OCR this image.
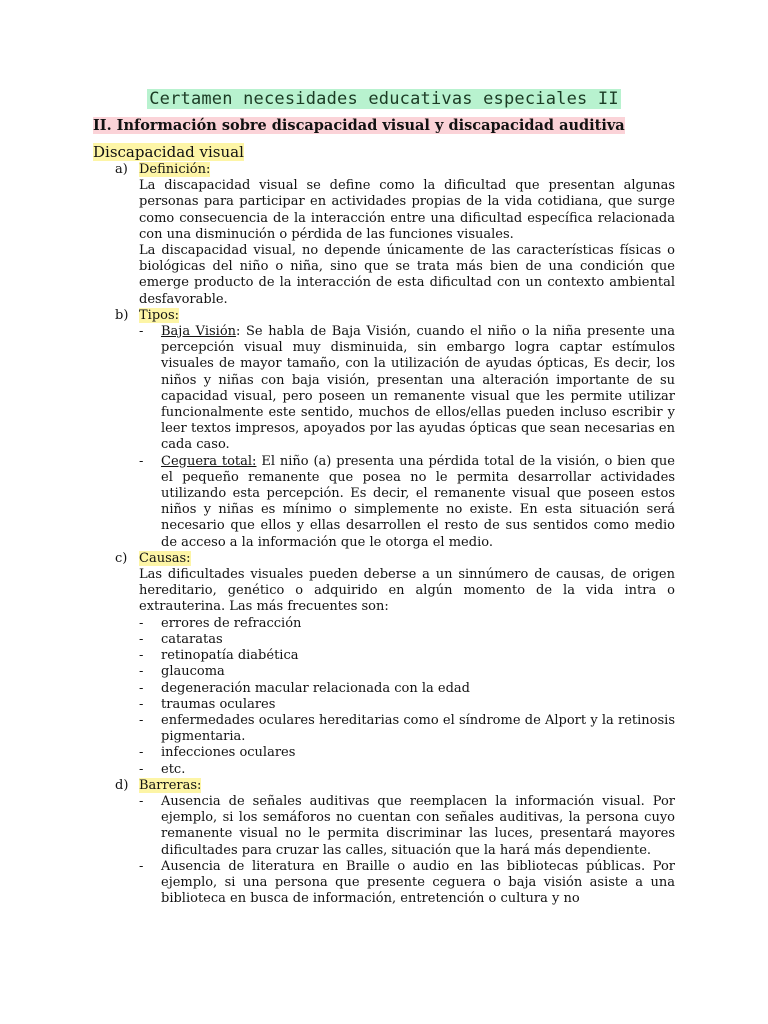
Certamen necesidades educativas especiales II
II. Información sobre discapacidad visual y discapacidad auditiva
Discapacidad visual
a) Definición:

La discapacidad visual se define como la dificultad que presentan algunas personas para participar en actividades propias de la vida cotidiana, que surge como consecuencia de la interacción entre una dificultad específica relacionada con una disminución o pérdida de las funciones visuales.

La discapacidad visual, no depende únicamente de las características físicas o biológicas del niño o niña, sino que se trata más bien de una condición que emerge producto de la interacción de esta dificultad con un contexto ambiental desfavorable.

b) Tipos:
- Baja Visión: Se habla de Baja Visión, cuando el niño o la niña presente una percepción visual muy disminuida, sin embargo logra captar estímulos visuales de mayor tamaño, con la utilización de ayudas ópticas, Es decir, los niños y niñas con baja visión, presentan una alteración importante de su capacidad visual, pero poseen un remanente visual que les permite utilizar funcionalmente este sentido, muchos de ellos/ellas pueden incluso escribir y leer textos impresos, apoyados por las ayudas ópticas que sean necesarias en cada caso.
- Ceguera total: El niño (a) presenta una pérdida total de la visión, o bien que el pequeño remanente que posea no le permita desarrollar actividades utilizando esta percepción. Es decir, el remanente visual que poseen estos niños y niñas es mínimo o simplemente no existe. En esta situación será necesario que ellos y ellas desarrollen el resto de sus sentidos como medio de acceso a la información que le otorga el medio.
c) Causas:

Las dificultades visuales pueden deberse a un sinnúmero de causas, de origen hereditario, genético o adquirido en algún momento de la vida intra o extrauterina. Las más frecuentes son:

- errores de refracción
- cataratas
- retinopatía diabética
- glaucoma
- degeneración macular relacionada con la edad
- traumas oculares
- enfermedades oculares hereditarias como el síndrome de Alport y la retinosis pigmentaria.
- infecciones oculares
- etc.
d) Barreras:
- Ausencia de señales auditivas que reemplacen la información visual. Por ejemplo, si los semáforos no cuentan con señales auditivas, la persona cuyo remanente visual no le permita discriminar las luces, presentará mayores dificultades para cruzar las calles, situación que la hará más dependiente.
- Ausencia de literatura en Braille o audio en las bibliotecas públicas. Por ejemplo, si una persona que presente ceguera o baja visión asiste a una biblioteca en busca de información, entretención o cultura y no
